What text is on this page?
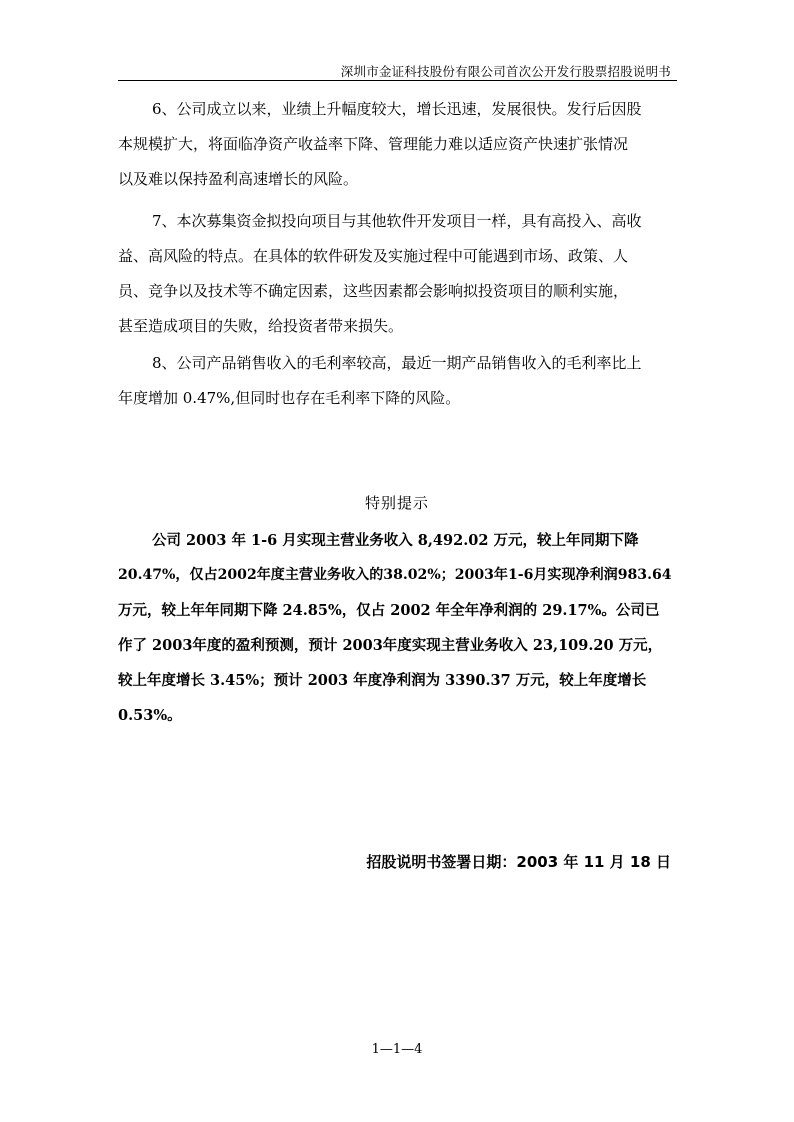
深圳市金证科技股份有限公司首次公开发行股票招股说明书
6、公司成立以来，业绩上升幅度较大，增长迅速，发展很快。发行后因股
本规模扩大，将面临净资产收益率下降、管理能力难以适应资产快速扩张情况
以及难以保持盈利高速增长的风险。
7、本次募集资金拟投向项目与其他软件开发项目一样，具有高投入、高收
益、高风险的特点。在具体的软件研发及实施过程中可能遇到市场、政策、人
员、竞争以及技术等不确定因素，这些因素都会影响拟投资项目的顺利实施，
甚至造成项目的失败，给投资者带来损失。
8、公司产品销售收入的毛利率较高，最近一期产品销售收入的毛利率比上
年度增加 0.47%,但同时也存在毛利率下降的风险。
特别提示
公司 2003 年 1-6 月实现主营业务收入 8,492.02 万元，较上年同期下降
20.47%，仅占2002年度主营业务收入的38.02%；2003年1-6月实现净利润983.64
万元，较上年年同期下降 24.85%，仅占 2002 年全年净利润的 29.17%。公司已
作了 2003年度的盈利预测，预计 2003年度实现主营业务收入 23,109.20 万元，
较上年度增长 3.45%；预计 2003 年度净利润为 3390.37 万元，较上年度增长
0.53%。
招股说明书签署日期：2003 年 11 月 18 日
1—1—4
